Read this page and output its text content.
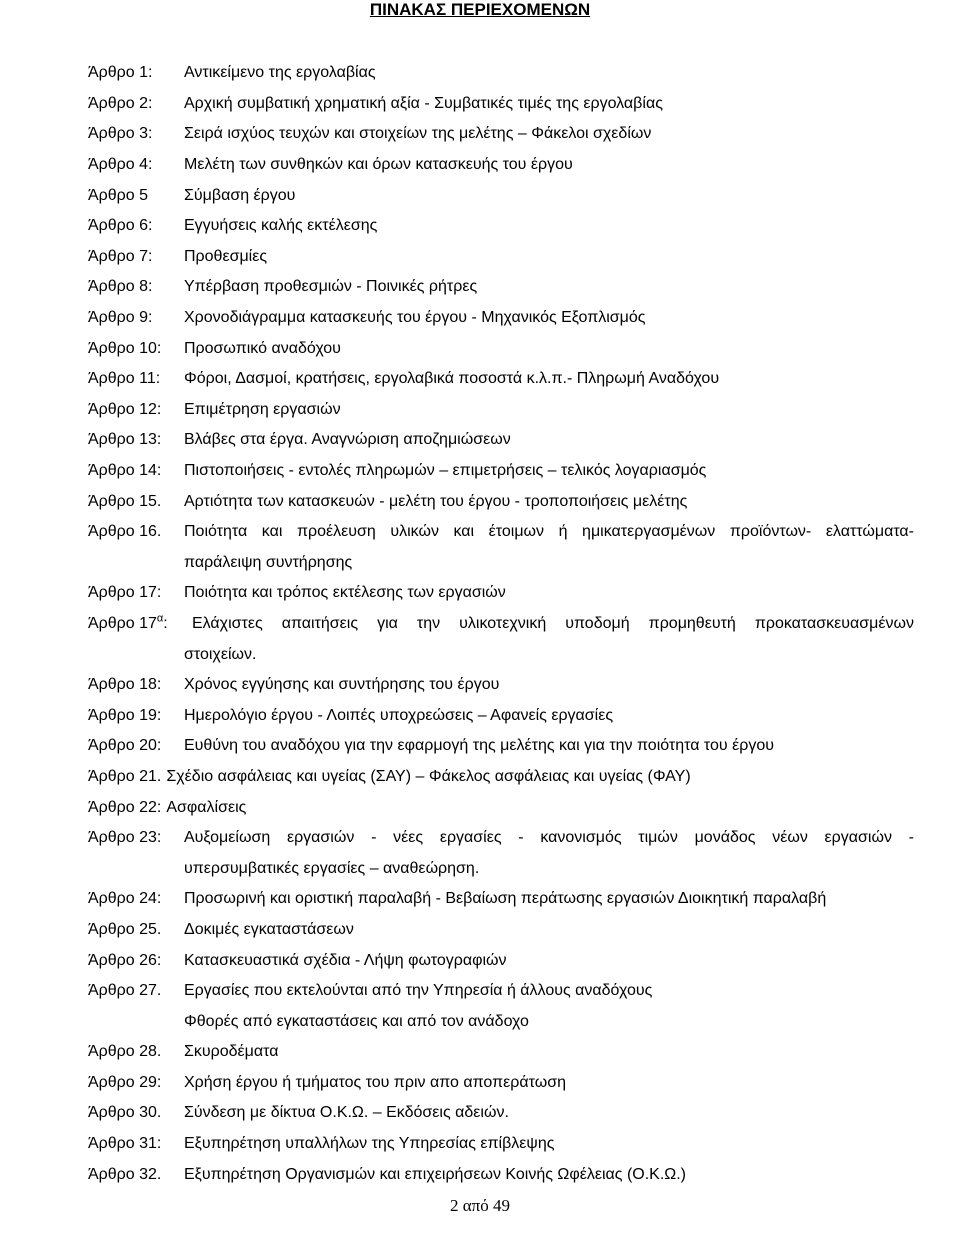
ΠΙΝΑΚΑΣ ΠΕΡΙΕΧΟΜΕΝΩΝ
Άρθρο 1:	Αντικείμενο της εργολαβίας
Άρθρο 2:	Αρχική συμβατική χρηματική αξία - Συμβατικές τιμές της εργολαβίας
Άρθρο 3:	Σειρά ισχύος τευχών και στοιχείων της μελέτης – Φάκελοι σχεδίων
Άρθρο 4:	Μελέτη των συνθηκών και όρων κατασκευής του έργου
Άρθρο 5	Σύμβαση έργου
Άρθρο 6:	Εγγυήσεις καλής εκτέλεσης
Άρθρο 7:	Προθεσμίες
Άρθρο 8:	Υπέρβαση προθεσμιών - Ποινικές ρήτρες
Άρθρο 9:	Χρονοδιάγραμμα κατασκευής του έργου - Μηχανικός Εξοπλισμός
Άρθρο 10:	Προσωπικό αναδόχου
Άρθρο 11:	Φόροι, Δασμοί, κρατήσεις, εργολαβικά ποσοστά κ.λ.π.- Πληρωμή Αναδόχου
Άρθρο 12:	Επιμέτρηση εργασιών
Άρθρο 13:	Βλάβες στα έργα. Αναγνώριση αποζημιώσεων
Άρθρο 14:	Πιστοποιήσεις - εντολές πληρωμών – επιμετρήσεις – τελικός λογαριασμός
Άρθρο 15.	Αρτιότητα των κατασκευών - μελέτη του έργου - τροποποιήσεις μελέτης
Άρθρο 16.	Ποιότητα και προέλευση υλικών και έτοιμων ή ημικατεργασμένων προϊόντων- ελαττώματα-
παράλειψη συντήρησης
Άρθρο 17:	Ποιότητα και τρόπος εκτέλεσης των εργασιών
Άρθρο $17^\alpha$:	Ελάχιστες απαιτήσεις για την υλικοτεχνική υποδομή προμηθευτή προκατασκευασμένων
στοιχείων.
Άρθρο 18:	Χρόνος εγγύησης και συντήρησης του έργου
Άρθρο 19:	Ημερολόγιο έργου - Λοιπές υποχρεώσεις – Αφανείς εργασίες
Άρθρο 20:	Ευθύνη του αναδόχου για την εφαρμογή της μελέτης και για την ποιότητα του έργου
Άρθρο 21. Σχέδιο ασφάλειας και υγείας (ΣΑΥ) – Φάκελος ασφάλειας και υγείας (ΦΑΥ)
Άρθρο 22: Ασφαλίσεις
Άρθρο 23:	Αυξομείωση εργασιών - νέες εργασίες - κανονισμός τιμών μονάδος νέων εργασιών -
υπερσυμβατικές εργασίες – αναθεώρηση.
Άρθρο 24:	Προσωρινή και οριστική παραλαβή - Βεβαίωση περάτωσης εργασιών Διοικητική παραλαβή
Άρθρο 25.	Δοκιμές εγκαταστάσεων
Άρθρο 26:	Κατασκευαστικά σχέδια - Λήψη φωτογραφιών
Άρθρο 27.	Εργασίες που εκτελούνται από την Υπηρεσία ή άλλους αναδόχους
Φθορές από εγκαταστάσεις και από τον ανάδοχο
Άρθρο 28.	Σκυροδέματα
Άρθρο 29:	Χρήση έργου ή τμήματος του πριν απο αποπεράτωση
Άρθρο 30.	Σύνδεση με δίκτυα Ο.Κ.Ω. – Εκδόσεις αδειών.
Άρθρο 31:	Εξυπηρέτηση υπαλλήλων της Υπηρεσίας επίβλεψης
Άρθρο 32.	Εξυπηρέτηση Οργανισμών και επιχειρήσεων Κοινής Ωφέλειας (Ο.Κ.Ω.)
2 από 49
